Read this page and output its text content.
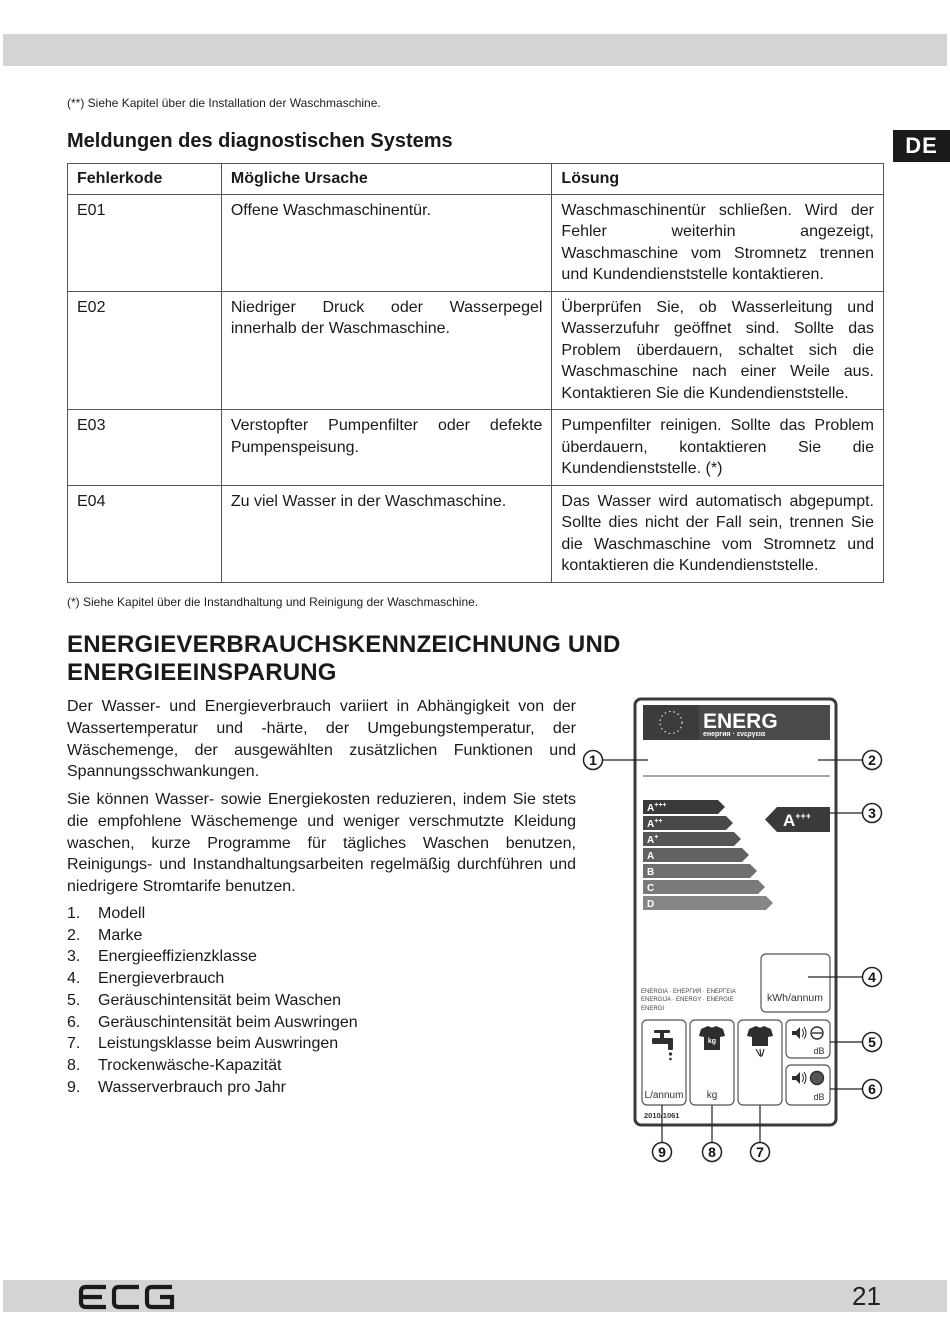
DE
(**) Siehe Kapitel über die Installation der Waschmaschine.
Meldungen des diagnostischen Systems
Fehlerkode	Mögliche Ursache	Lösung
E01	Offene Waschmaschinentür.	Waschmaschinentür schließen. Wird der Fehler weiterhin angezeigt, Waschmaschine vom Stromnetz trennen und Kundendienststelle kontaktieren.
E02	Niedriger Druck oder Wasserpegel innerhalb der Waschmaschine.	Überprüfen Sie, ob Wasserleitung und Wasserzufuhr geöffnet sind. Sollte das Problem überdauern, schaltet sich die Waschmaschine nach einer Weile aus. Kontaktieren Sie die Kundendienststelle.
E03	Verstopfter Pumpenfilter oder defekte Pumpenspeisung.	Pumpenfilter reinigen. Sollte das Problem überdauern, kontaktieren Sie die Kundendienststelle. (*)
E04	Zu viel Wasser in der Waschmaschine.	Das Wasser wird automatisch abgepumpt. Sollte dies nicht der Fall sein, trennen Sie die Waschmaschine vom Stromnetz und kontaktieren die Kundendienststelle.
(*) Siehe Kapitel über die Instandhaltung und Reinigung der Waschmaschine.
ENERGIEVERBRAUCHSKENNZEICHNUNG UND
ENERGIEEINSPARUNG
Der Wasser- und Energieverbrauch variiert in Abhängigkeit von der Wassertemperatur und -härte, der Umgebungstemperatur, der Wäschemenge, der ausgewählten zusätzlichen Funktionen und Spannungsschwankungen.
Sie können Wasser- sowie Energiekosten reduzieren, indem Sie stets die empfohlene Wäschemenge und weniger verschmutzte Kleidung waschen, kurze Programme für tägliches Waschen benutzen, Reinigungs- und Instandhaltungsarbeiten regelmäßig durchführen und niedrigere Stromtarife benutzen.
1.	Modell
2.	Marke
3.	Energieeffizienzklasse
4.	Energieverbrauch
5.	Geräuschintensität beim Waschen
6.	Geräuschintensität beim Auswringen
7.	Leistungsklasse beim Auswringen
8.	Trockenwäsche-Kapazität
9.	Wasserverbrauch pro Jahr
ENERG
енергия · ενεργεια
A+++
A++
A+
A
B
C
D
A+++
kWh/annum
ENERGIA · ЕНЕРГИЯ · ΕΝΕΡΓΕΙΑ
ENERGIJA · ENERGY · ENERGIE
ENERGI
L/annum
kg
kg
dB
dB
2010/1061
1	2
3
4
5
6
9	8	7
21
